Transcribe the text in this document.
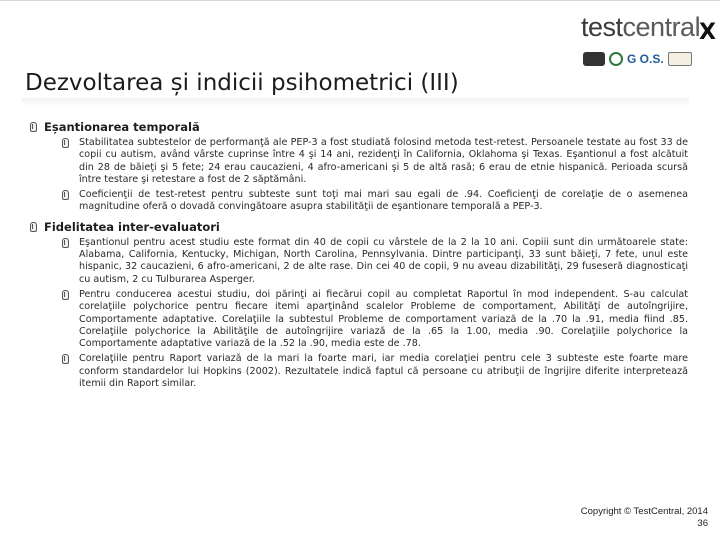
testcentral
G O.S.
X
Dezvoltarea și indicii psihometrici (III)
Eșantionarea temporală
Stabilitatea subtestelor de performanţă ale PEP-3 a fost studiată folosind metoda test-retest. Persoanele testate au fost 33 de copii cu autism, având vârste cuprinse între 4 şi 14 ani, rezidenţi în California, Oklahoma şi Texas. Eşantionul a fost alcătuit din 28 de băieţi şi 5 fete; 24 erau caucazieni, 4 afro-americani şi 5 de altă rasă; 6 erau de etnie hispanică. Perioada scursă între testare şi retestare a fost de 2 săptămâni.
Coeficienţii de test-retest pentru subteste sunt toţi mai mari sau egali de .94. Coeficienţi de corelaţie de o asemenea magnitudine oferă o dovadă convingătoare asupra stabilităţii de eşantionare temporală a PEP-3.
Fidelitatea inter-evaluatori
Eşantionul pentru acest studiu este format din 40 de copii cu vârstele de la 2 la 10 ani. Copiii sunt din următoarele state: Alabama, California, Kentucky, Michigan, North Carolina, Pennsylvania. Dintre participanţi, 33 sunt băieţi, 7 fete, unul este hispanic, 32 caucazieni, 6 afro-americani, 2 de alte rase. Din cei 40 de copii, 9 nu aveau dizabilităţi, 29 fuseseră diagnosticaţi cu autism, 2 cu Tulburarea Asperger.
Pentru conducerea acestui studiu, doi părinţi ai fiecărui copil au completat Raportul în mod independent. S-au calculat corelaţiile polychorice pentru fiecare itemi aparţinând scalelor Probleme de comportament, Abilităţi de autoîngrijire, Comportamente adaptative. Corelaţiile la subtestul Probleme de comportament variază de la .70 la .91, media fiind .85. Corelaţiile polychorice la Abilităţile de autoîngrijire variază de la .65 la 1.00, media .90. Corelaţiile polychorice la Comportamente adaptative variază de la .52 la .90, media este de .78.
Corelaţiile pentru Raport variază de la mari la foarte mari, iar media corelaţiei pentru cele 3 subteste este foarte mare conform standardelor lui Hopkins (2002). Rezultatele indică faptul că persoane cu atribuţii de îngrijire diferite interpretează itemii din Raport similar.
Copyright © TestCentral, 2014
36
